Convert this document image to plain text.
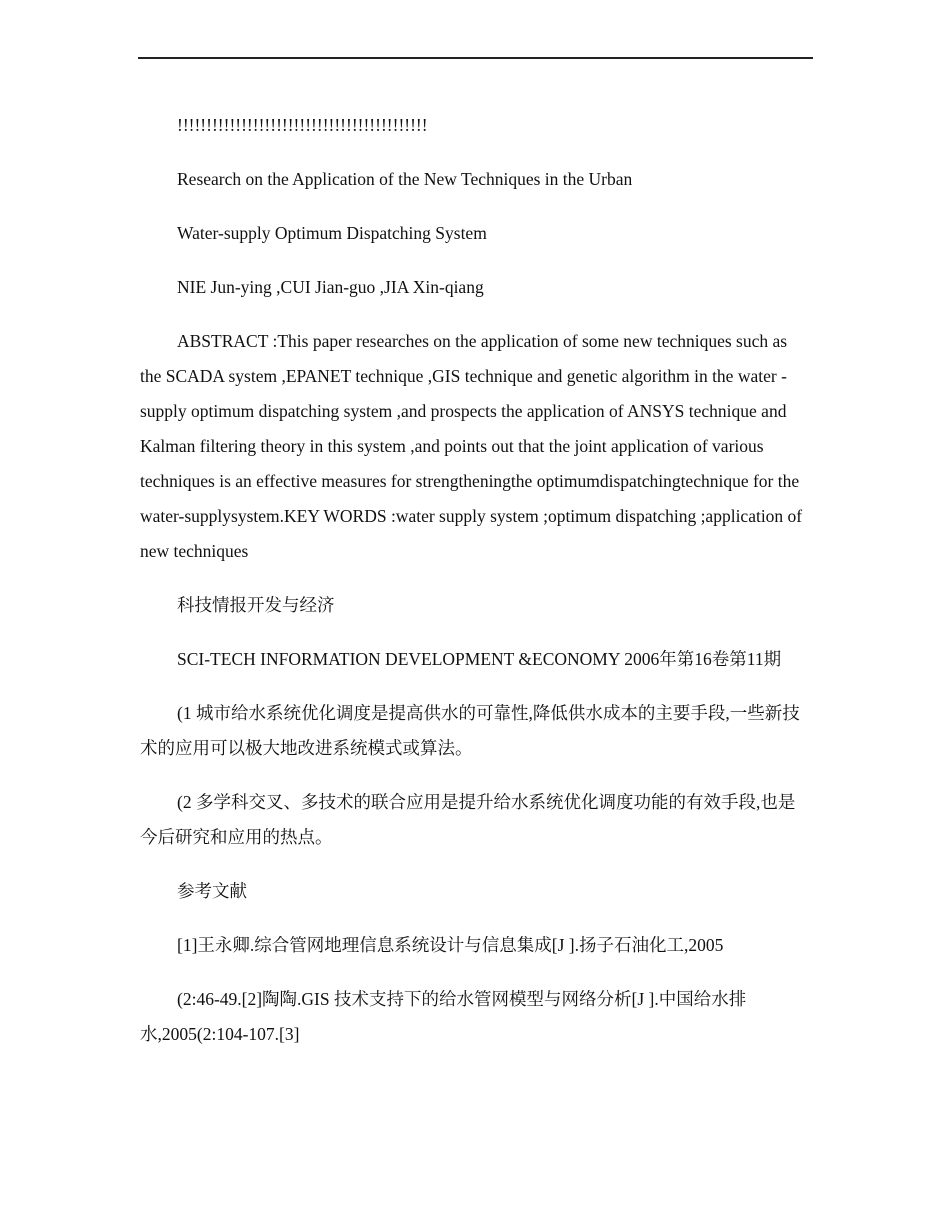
!!!!!!!!!!!!!!!!!!!!!!!!!!!!!!!!!!!!!!!!!!!

Research on the Application of the New Techniques in the Urban

Water-supply Optimum Dispatching System

NIE Jun-ying ,CUI Jian-guo ,JIA Xin-qiang

ABSTRACT :This paper researches on the application of some new techniques such as the SCADA system ,EPANET technique ,GIS technique and genetic algorithm in the water -supply optimum dispatching system ,and prospects the application of ANSYS technique and Kalman filtering theory in this system ,and points out that the joint application of various techniques is an effective measures for strengtheningthe optimumdispatchingtechnique for the water-supplysystem.KEY WORDS :water supply system ;optimum dispatching ;application of new techniques

科技情报开发与经济

SCI-TECH INFORMATION DEVELOPMENT &ECONOMY 2006年第16卷第11期

(1 城市给水系统优化调度是提高供水的可靠性,降低供水成本的主要手段,一些新技术的应用可以极大地改进系统模式或算法。

(2 多学科交叉、多技术的联合应用是提升给水系统优化调度功能的有效手段,也是今后研究和应用的热点。

参考文献

[1]王永卿.综合管网地理信息系统设计与信息集成[J ].扬子石油化工,2005

(2:46-49.[2]陶陶.GIS 技术支持下的给水管网模型与网络分析[J ].中国给水排水,2005(2:104-107.[3]
